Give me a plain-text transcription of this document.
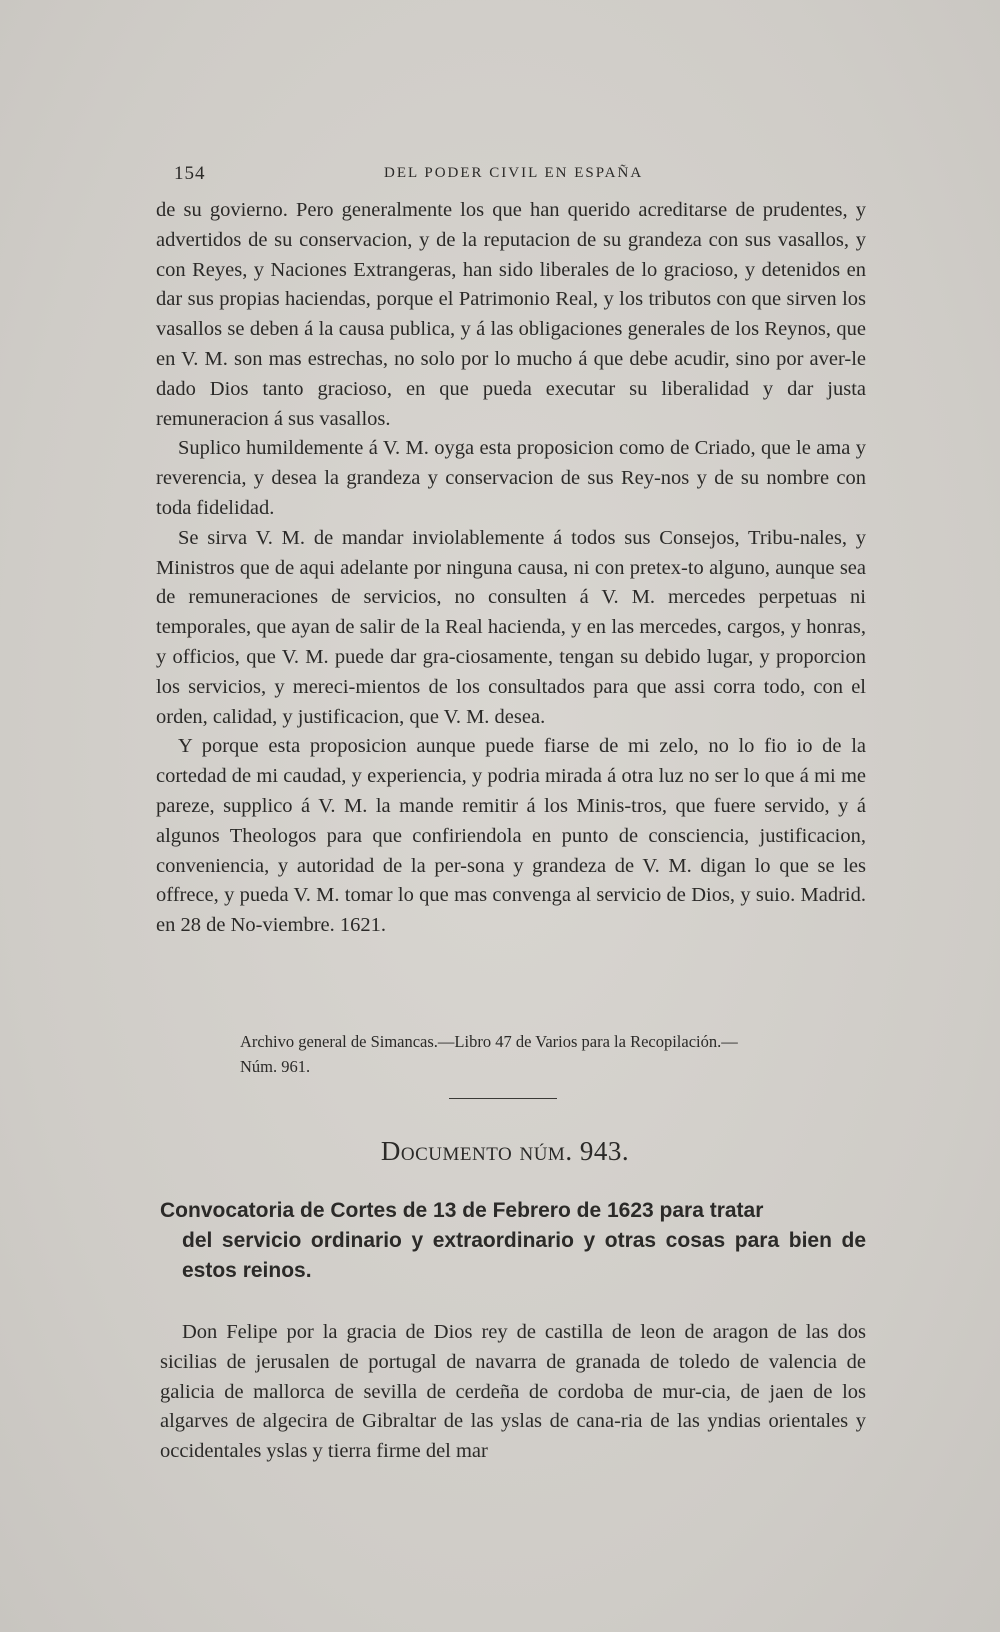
154	DEL PODER CIVIL EN ESPAÑA

de su govierno. Pero generalmente los que han querido acreditarse de prudentes, y advertidos de su conservacion, y de la reputacion de su grandeza con sus vasallos, y con Reyes, y Naciones Extrangeras, han sido liberales de lo gracioso, y detenidos en dar sus propias haciendas, porque el Patrimonio Real, y los tributos con que sirven los vasallos se deben á la causa publica, y á las obligaciones generales de los Reynos, que en V. M. son mas estrechas, no solo por lo mucho á que debe acudir, sino por aver-le dado Dios tanto gracioso, en que pueda executar su liberalidad y dar justa remuneracion á sus vasallos.

Suplico humildemente á V. M. oyga esta proposicion como de Criado, que le ama y reverencia, y desea la grandeza y conservacion de sus Rey-nos y de su nombre con toda fidelidad.

Se sirva V. M. de mandar inviolablemente á todos sus Consejos, Tribu-nales, y Ministros que de aqui adelante por ninguna causa, ni con pretex-to alguno, aunque sea de remuneraciones de servicios, no consulten á V. M. mercedes perpetuas ni temporales, que ayan de salir de la Real hacienda, y en las mercedes, cargos, y honras, y officios, que V. M. puede dar gra-ciosamente, tengan su debido lugar, y proporcion los servicios, y mereci-mientos de los consultados para que assi corra todo, con el orden, calidad, y justificacion, que V. M. desea.

Y porque esta proposicion aunque puede fiarse de mi zelo, no lo fio io de la cortedad de mi caudad, y experiencia, y podria mirada á otra luz no ser lo que á mi me pareze, supplico á V. M. la mande remitir á los Minis-tros, que fuere servido, y á algunos Theologos para que confiriendola en punto de consciencia, justificacion, conveniencia, y autoridad de la per-sona y grandeza de V. M. digan lo que se les offrece, y pueda V. M. tomar lo que mas convenga al servicio de Dios, y suio. Madrid. en 28 de No-viembre. 1621.

Archivo general de Simancas.—Libro 47 de Varios para la Recopilación.—
Núm. 961.
Documento núm. 943.
Convocatoria de Cortes de 13 de Febrero de 1623 para tratar
del servicio ordinario y extraordinario y otras cosas para bien de estos reinos.

Don Felipe por la gracia de Dios rey de castilla de leon de aragon de las dos sicilias de jerusalen de portugal de navarra de granada de toledo de valencia de galicia de mallorca de sevilla de cerdeña de cordoba de mur-cia, de jaen de los algarves de algecira de Gibraltar de las yslas de cana-ria de las yndias orientales y occidentales yslas y tierra firme del mar
